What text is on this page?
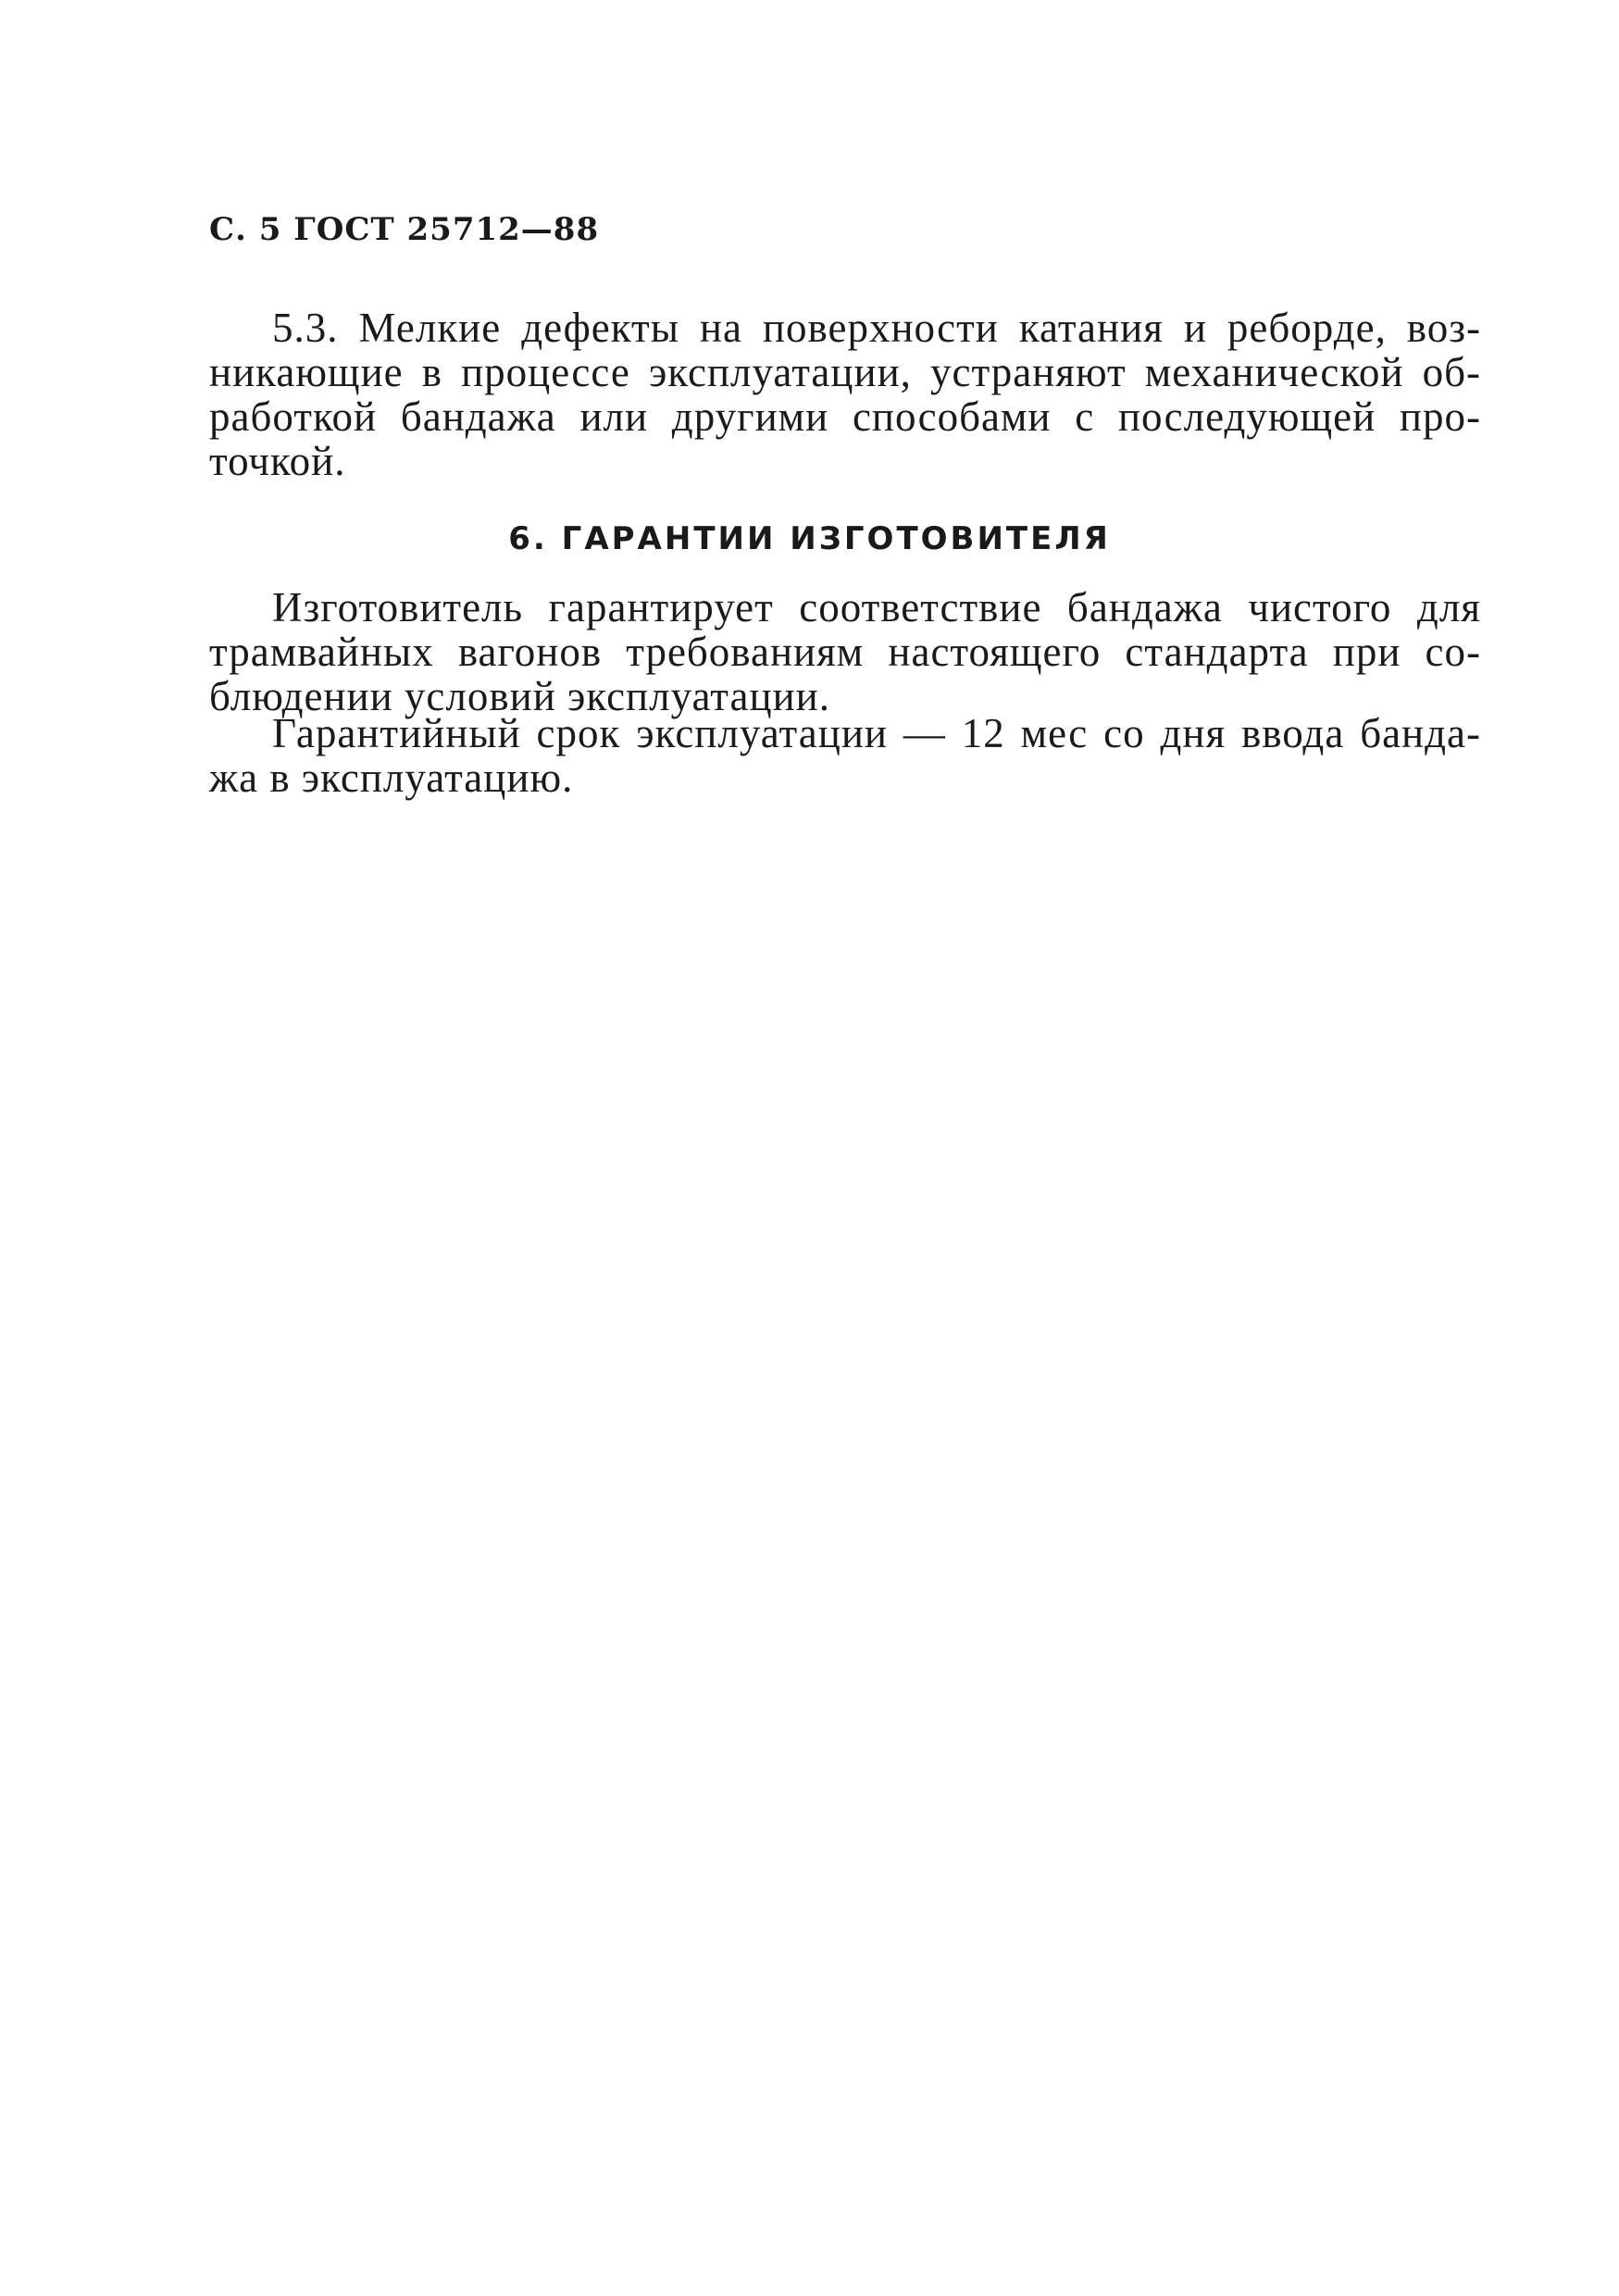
С. 5 ГОСТ 25712—88
5.3. Мелкие дефекты на поверхности катания и реборде, воз-
никающие в процессе эксплуатации, устраняют механической об-
работкой бандажа или другими способами с последующей про-
точкой.
6. ГАРАНТИИ ИЗГОТОВИТЕЛЯ
Изготовитель гарантирует соответствие бандажа чистого для
трамвайных вагонов требованиям настоящего стандарта при со-
блюдении условий эксплуатации.
Гарантийный срок эксплуатации — 12 мес со дня ввода банда-
жа в эксплуатацию.
